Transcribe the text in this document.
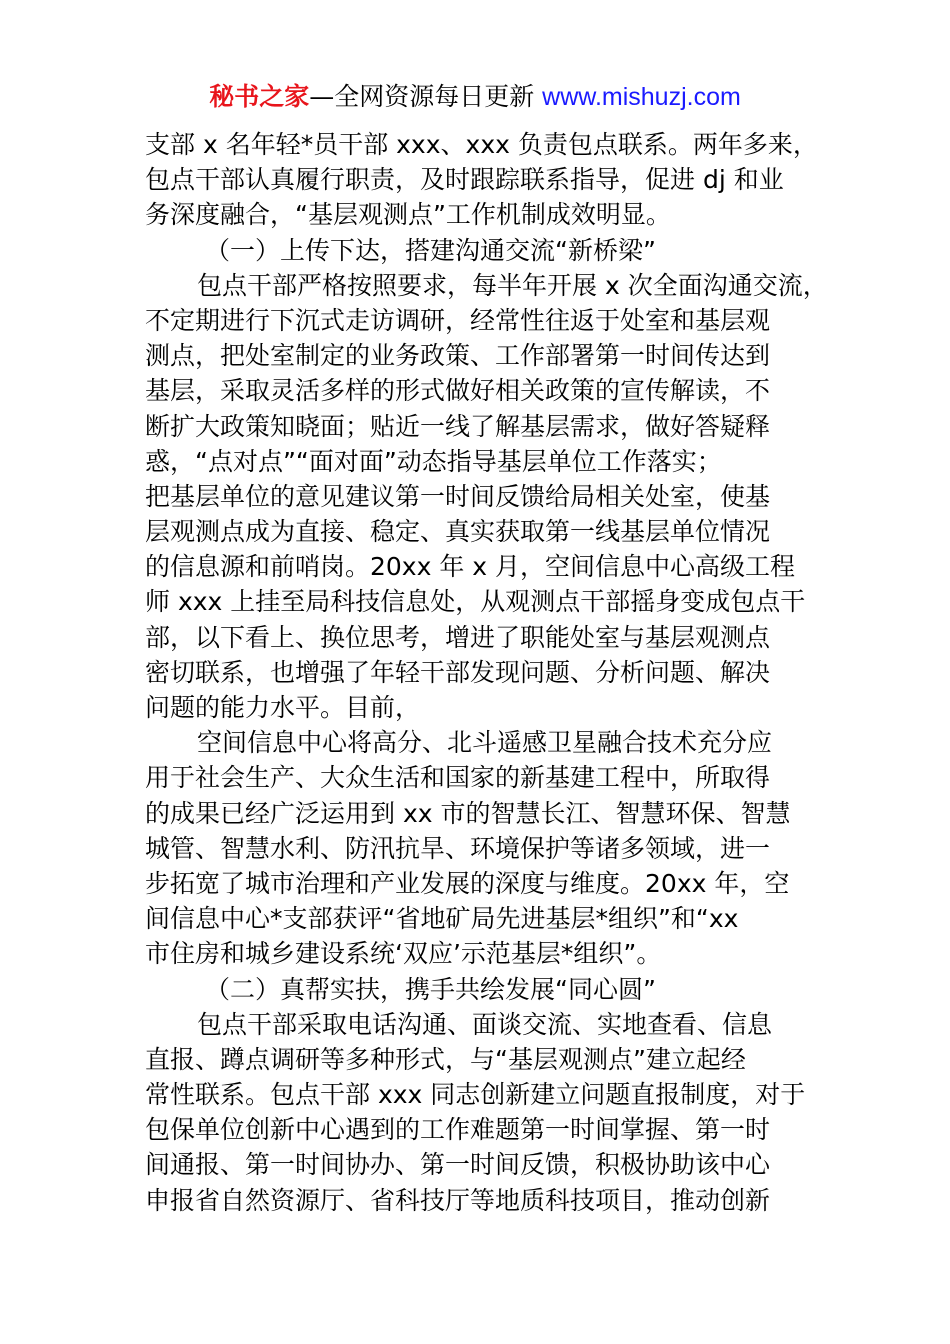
秘书之家—全网资源每日更新 www.mishuzj.com
支部 x 名年轻*员干部 xxx、xxx 负责包点联系。两年多来，
包点干部认真履行职责，及时跟踪联系指导，促进 dj 和业
务深度融合，“基层观测点”工作机制成效明显。
（一）上传下达，搭建沟通交流“新桥梁”
包点干部严格按照要求，每半年开展 x 次全面沟通交流，
不定期进行下沉式走访调研，经常性往返于处室和基层观
测点，把处室制定的业务政策、工作部署第一时间传达到
基层，采取灵活多样的形式做好相关政策的宣传解读，不
断扩大政策知晓面；贴近一线了解基层需求，做好答疑释
惑，“点对点”“面对面”动态指导基层单位工作落实；
把基层单位的意见建议第一时间反馈给局相关处室，使基
层观测点成为直接、稳定、真实获取第一线基层单位情况
的信息源和前哨岗。20xx 年 x 月，空间信息中心高级工程
师 xxx 上挂至局科技信息处，从观测点干部摇身变成包点干
部，以下看上、换位思考，增进了职能处室与基层观测点
密切联系，也增强了年轻干部发现问题、分析问题、解决
问题的能力水平。目前，
空间信息中心将高分、北斗遥感卫星融合技术充分应
用于社会生产、大众生活和国家的新基建工程中，所取得
的成果已经广泛运用到 xx 市的智慧长江、智慧环保、智慧
城管、智慧水利、防汛抗旱、环境保护等诸多领域，进一
步拓宽了城市治理和产业发展的深度与维度。20xx 年，空
间信息中心*支部获评“省地矿局先进基层*组织”和“xx
市住房和城乡建设系统‘双应’示范基层*组织”。
（二）真帮实扶，携手共绘发展“同心圆”
包点干部采取电话沟通、面谈交流、实地查看、信息
直报、蹲点调研等多种形式，与“基层观测点”建立起经
常性联系。包点干部 xxx 同志创新建立问题直报制度，对于
包保单位创新中心遇到的工作难题第一时间掌握、第一时
间通报、第一时间协办、第一时间反馈，积极协助该中心
申报省自然资源厅、省科技厅等地质科技项目，推动创新
